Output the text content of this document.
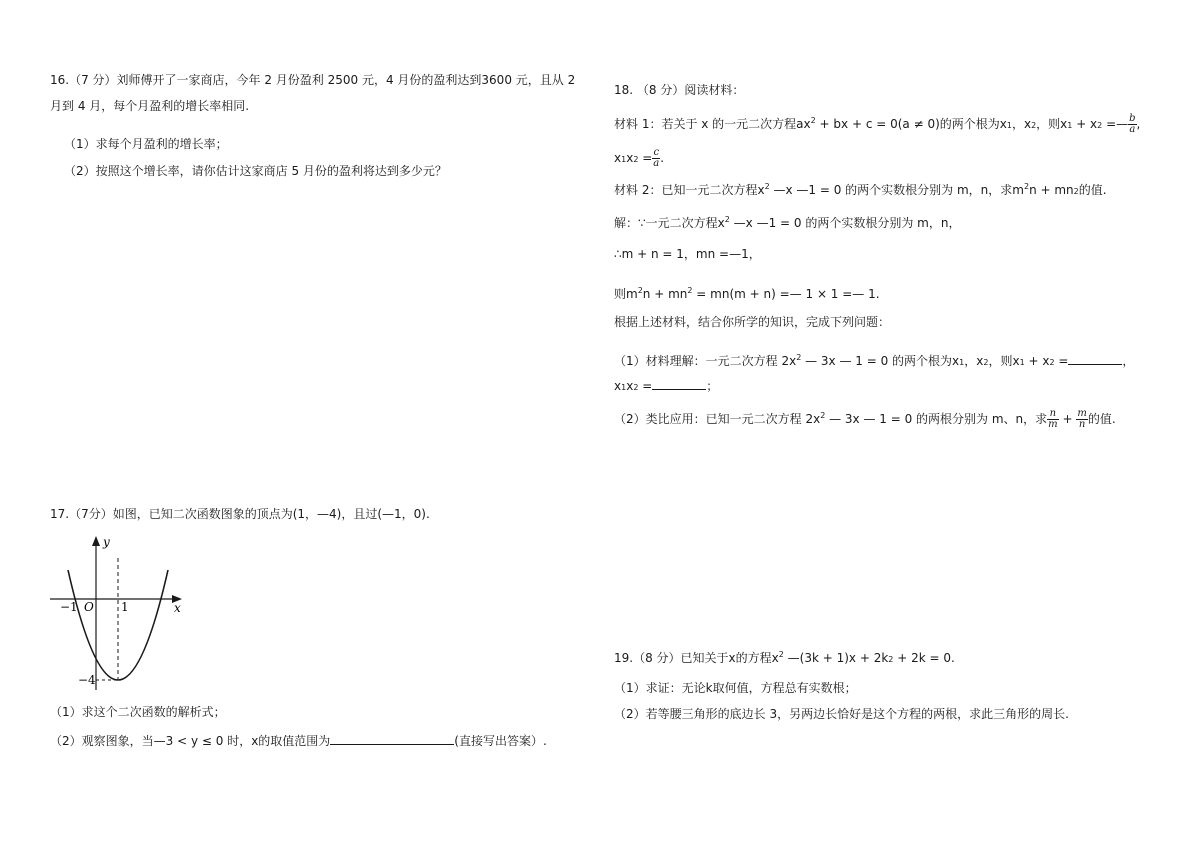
16.（7 分）刘师傅开了一家商店，今年 2 月份盈利 2500 元，4 月份的盈利达到3600 元，且从 2
月到 4 月，每个月盈利的增长率相同.
（1）求每个月盈利的增长率；
（2）按照这个增长率，请你估计这家商店 5 月份的盈利将达到多少元？
17.（7分）如图，已知二次函数图象的顶点为(1，—4)，且过(—1，0).
y
x
O
−1	1
−4
（1）求这个二次函数的解析式；
（2）观察图象，当—3 < y ≤ 0 时，x的取值范围为	(直接写出答案）.
18. （8 分）阅读材料：
材料 1：若关于 x 的一元二次方程$ax^2$ + bx + c = 0(a ≠ 0)的两个根为x1，x2，则x1 + x2 =— $\frac{b}{a}$ ,
$x1x2 = \frac{c}{a}$ .
材料 2：已知一元二次方程$x^2$ —x —1 = 0 的两个实数根分别为 m，n，求$m^2n + mn2$的值.
解：∵一元二次方程$x^2$ —x —1 = 0 的两个实数根分别为 m，n，
∴m + n = 1，mn =—1，
则$m^2n + mn^2 = mn(m + n)$ =— 1 × 1 =— 1.
根据上述材料，结合你所学的知识，完成下列问题：
（1）材料理解：一元二次方程 $2x^2$ — 3x — 1 = 0 的两个根为x1，x2，则x1 + x2 =	，
x1x2 =	；
（2）类比应用：已知一元二次方程 $2x^2$ — 3x — 1 = 0 的两根分别为 m、n，求 $\frac{n}{m} + \frac{m}{n}$ 的值.
19.（8 分）已知关于x的方程$x^2$ —(3k + 1)x + 2k2 + 2k = 0.
（1）求证：无论k取何值，方程总有实数根；
（2）若等腰三角形的底边长 3，另两边长恰好是这个方程的两根，求此三角形的周长.
